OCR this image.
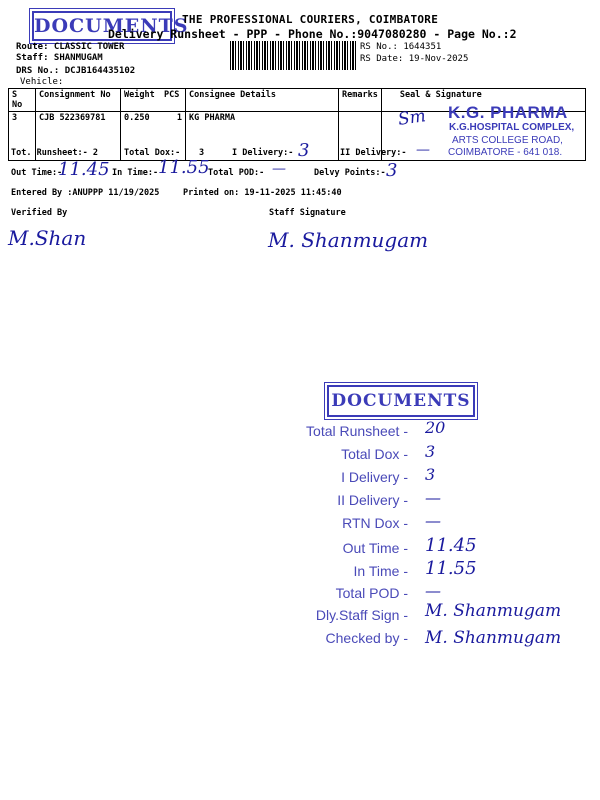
DOCUMENTS
THE PROFESSIONAL COURIERS, COIMBATORE
Delivery Runsheet - PPP - Phone No.:9047080280 - Page No.:2
Route: CLASSIC TOWER
Staff: SHANMUGAM
DRS No.: DCJB164435102
Vehicle:
RS No.: 1644351
RS Date: 19-Nov-2025
S No	Consignment No	Weight	PCS	Consignee Details	Remarks	Seal & Signature
3	CJB 522369781	0.250	1	KG PHARMA			Sm K.G. PHARMA
K.G.HOSPITAL COMPLEX,
ARTS COLLEGE ROAD,
COIMBATORE - 641 018.
Tot. Runsheet:- 2	Total Dox:- 3	I Delivery:- 3	II Delivery:- —
Out Time:-
11.45 In Time:- 11.55
Total POD:- —	Delvy Points:- 3
Entered By :ANUPPP 11/19/2025	Printed on: 19-11-2025 11:45:40
Verified By
M.Shan
Staff Signature
M. Shanmugam
DOCUMENTS
Total Runsheet - 20
Total Dox - 3
I Delivery - 3
II Delivery - —
RTN Dox - —
Out Time - 11.45
In Time - 11.55
Total POD - —
Dly.Staff Sign - M. Shanmugam
Checked by - M. Shanmugam
